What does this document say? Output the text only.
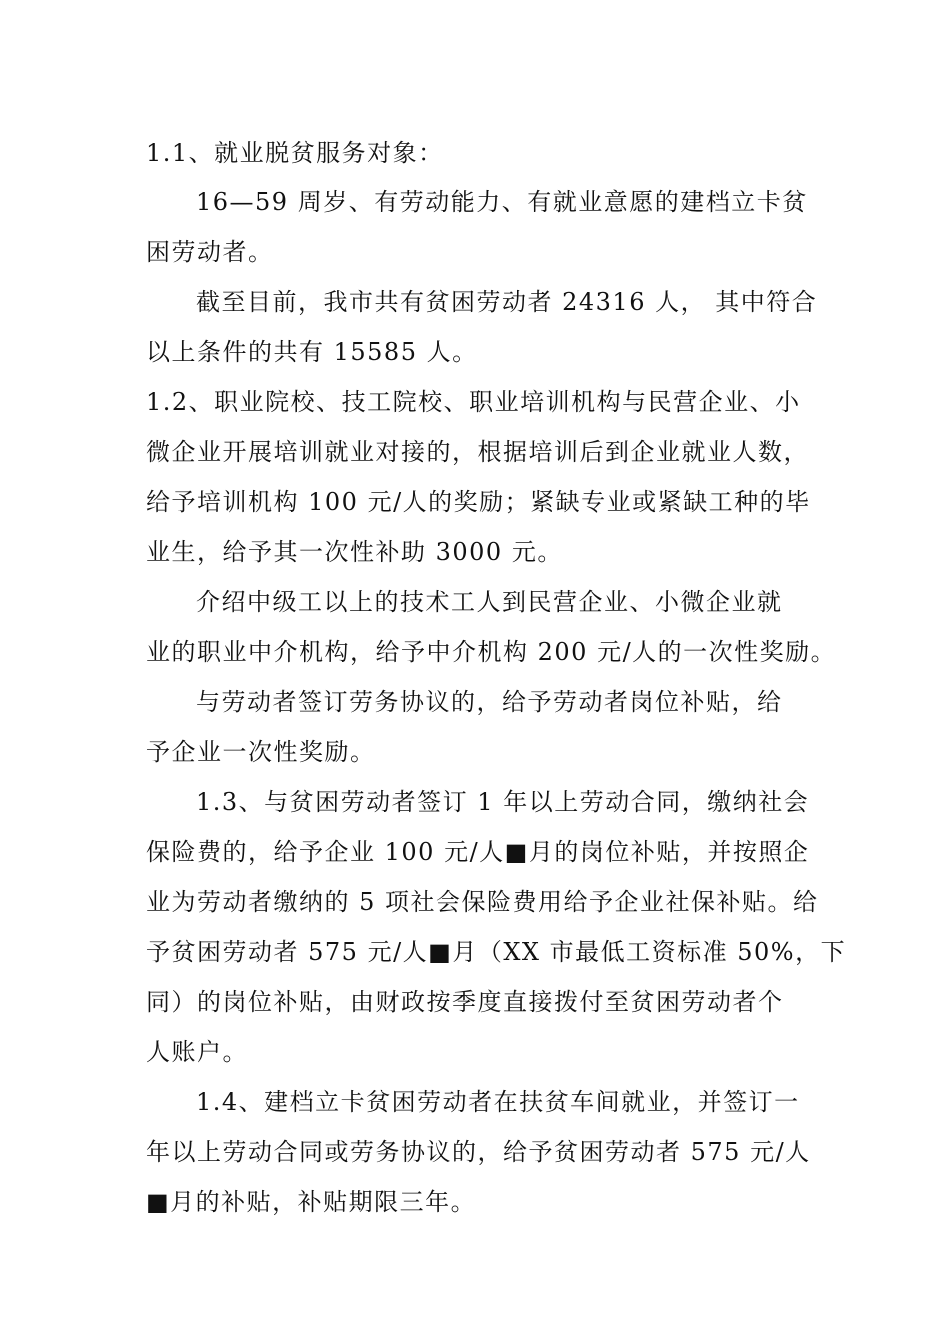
1.1、就业脱贫服务对象：
16—59 周岁、有劳动能力、有就业意愿的建档立卡贫
困劳动者。
截至目前，我市共有贫困劳动者 24316 人， 其中符合
以上条件的共有 15585 人。
1.2、职业院校、技工院校、职业培训机构与民营企业、小
微企业开展培训就业对接的，根据培训后到企业就业人数，
给予培训机构 100 元/人的奖励；紧缺专业或紧缺工种的毕
业生，给予其一次性补助 3000 元。
介绍中级工以上的技术工人到民营企业、小微企业就
业的职业中介机构，给予中介机构 200 元/人的一次性奖励。
与劳动者签订劳务协议的，给予劳动者岗位补贴，给
予企业一次性奖励。
1.3、与贫困劳动者签订 1 年以上劳动合同，缴纳社会
保险费的，给予企业 100 元/人■月的岗位补贴，并按照企
业为劳动者缴纳的 5 项社会保险费用给予企业社保补贴。给
予贫困劳动者 575 元/人■月（XX 市最低工资标准 50%，下
同）的岗位补贴，由财政按季度直接拨付至贫困劳动者个
人账户。
1.4、建档立卡贫困劳动者在扶贫车间就业，并签订一
年以上劳动合同或劳务协议的，给予贫困劳动者 575 元/人
■月的补贴，补贴期限三年。
